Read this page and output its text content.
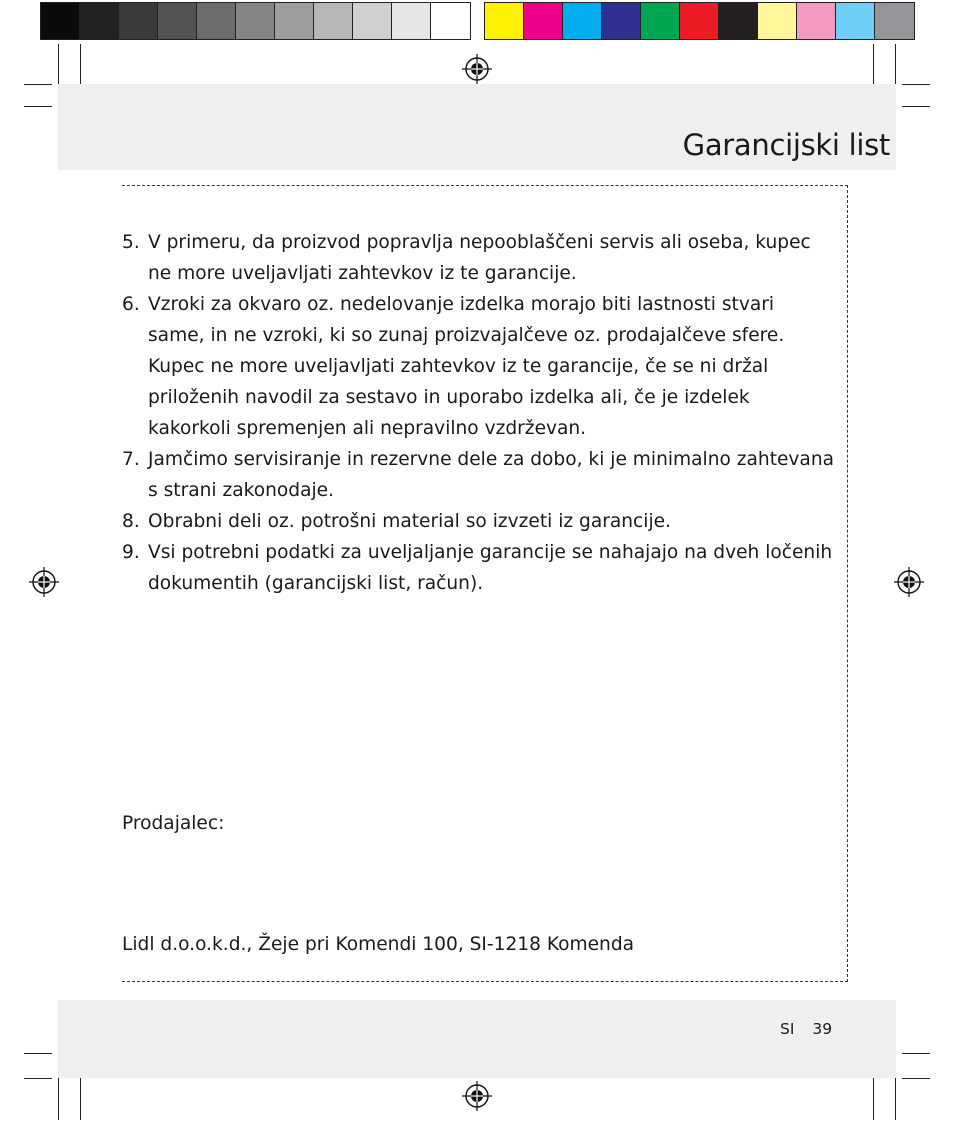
Garancijski list
5. V primeru, da proizvod popravlja nepooblaščeni servis ali oseba, kupec ne more uveljavljati zahtevkov iz te garancije.
6. Vzroki za okvaro oz. nedelovanje izdelka morajo biti lastnosti stvari same, in ne vzroki, ki so zunaj proizvajalčeve oz. prodajalčeve sfere. Kupec ne more uveljavljati zahtevkov iz te garancije, če se ni držal priloženih navodil za sestavo in uporabo izdelka ali, če je izdelek kakorkoli spremenjen ali nepravilno vzdrževan.
7. Jamčimo servisiranje in rezervne dele za dobo, ki je minimalno zahtevana s strani zakonodaje.
8. Obrabni deli oz. potrošni material so izvzeti iz garancije.
9. Vsi potrebni podatki za uveljaljanje garancije se nahajajo na dveh ločenih dokumentih (garancijski list, račun).
Prodajalec:
Lidl d.o.o.k.d., Žeje pri Komendi 100, SI-1218 Komenda
SI 39
